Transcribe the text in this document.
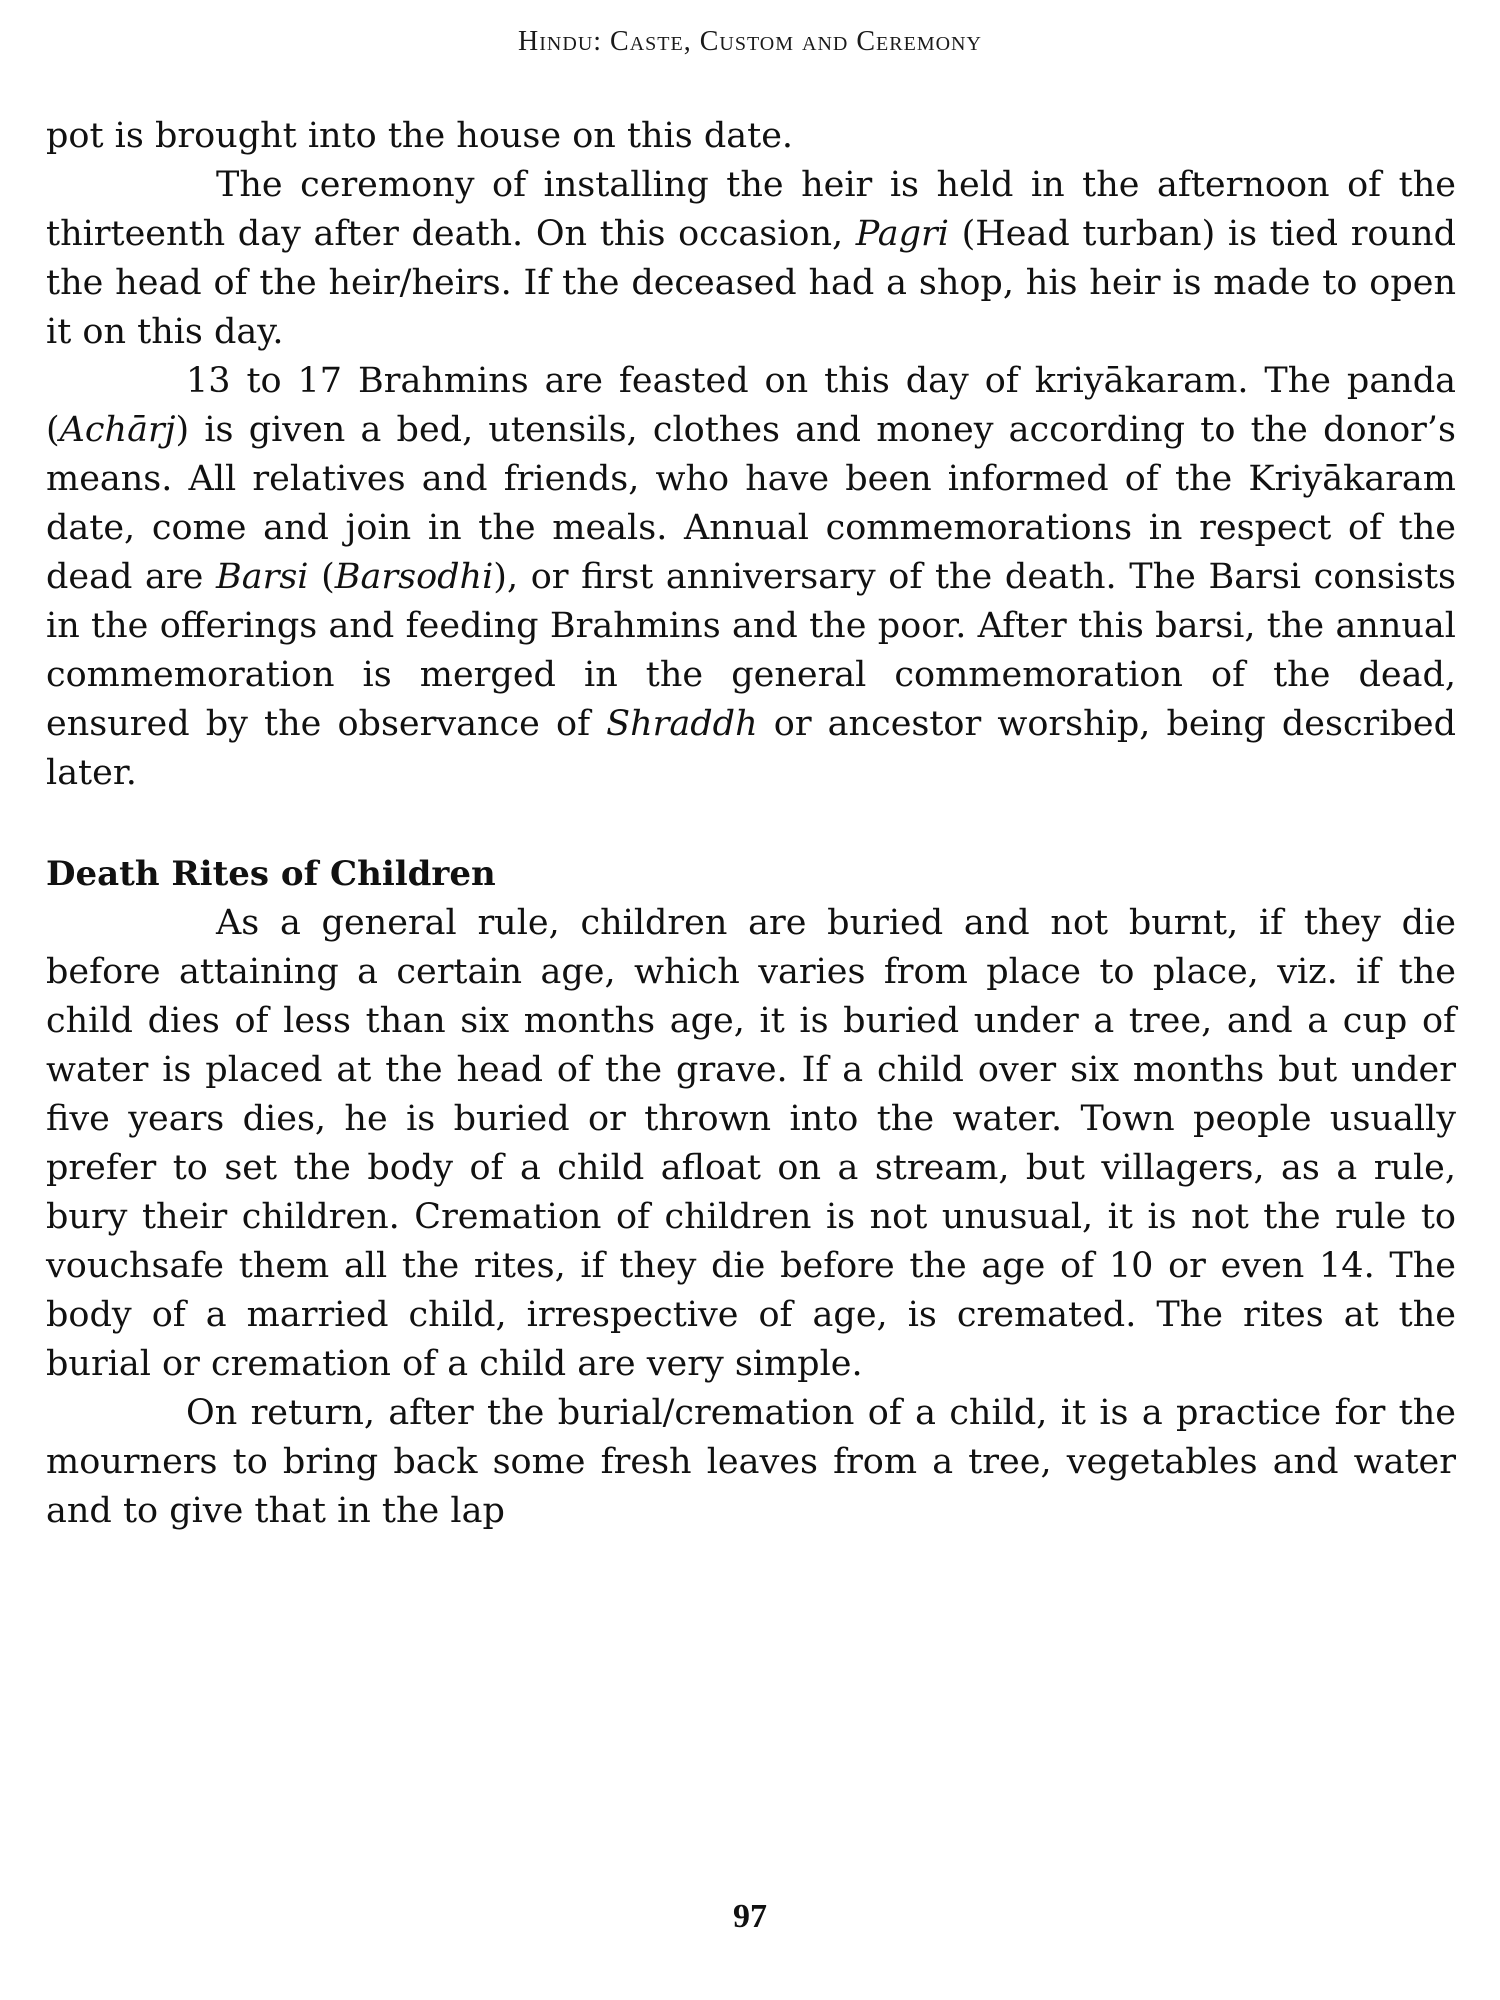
Hindu: Caste, Custom and Ceremony

pot is brought into the house on this date.

The ceremony of installing the heir is held in the afternoon of the thirteenth day after death. On this occasion, Pagri (Head turban) is tied round the head of the heir/heirs. If the deceased had a shop, his heir is made to open it on this day.

13 to 17 Brahmins are feasted on this day of kriyākaram. The panda (Achārj) is given a bed, utensils, clothes and money according to the donor’s means. All relatives and friends, who have been informed of the Kriyākaram date, come and join in the meals. Annual commemorations in respect of the dead are Barsi (Barsodhi), or first anniversary of the death. The Barsi consists in the offerings and feeding Brahmins and the poor. After this barsi, the annual commemoration is merged in the general commemoration of the dead, ensured by the observance of Shraddh or ancestor worship, being described later.

Death Rites of Children

As a general rule, children are buried and not burnt, if they die before attaining a certain age, which varies from place to place, viz. if the child dies of less than six months age, it is buried under a tree, and a cup of water is placed at the head of the grave. If a child over six months but under five years dies, he is buried or thrown into the water. Town people usually prefer to set the body of a child afloat on a stream, but villagers, as a rule, bury their children. Cremation of children is not unusual, it is not the rule to vouchsafe them all the rites, if they die before the age of 10 or even 14. The body of a married child, irrespective of age, is cremated. The rites at the burial or cremation of a child are very simple.

On return, after the burial/cremation of a child, it is a practice for the mourners to bring back some fresh leaves from a tree, vegetables and water and to give that in the lap

97
